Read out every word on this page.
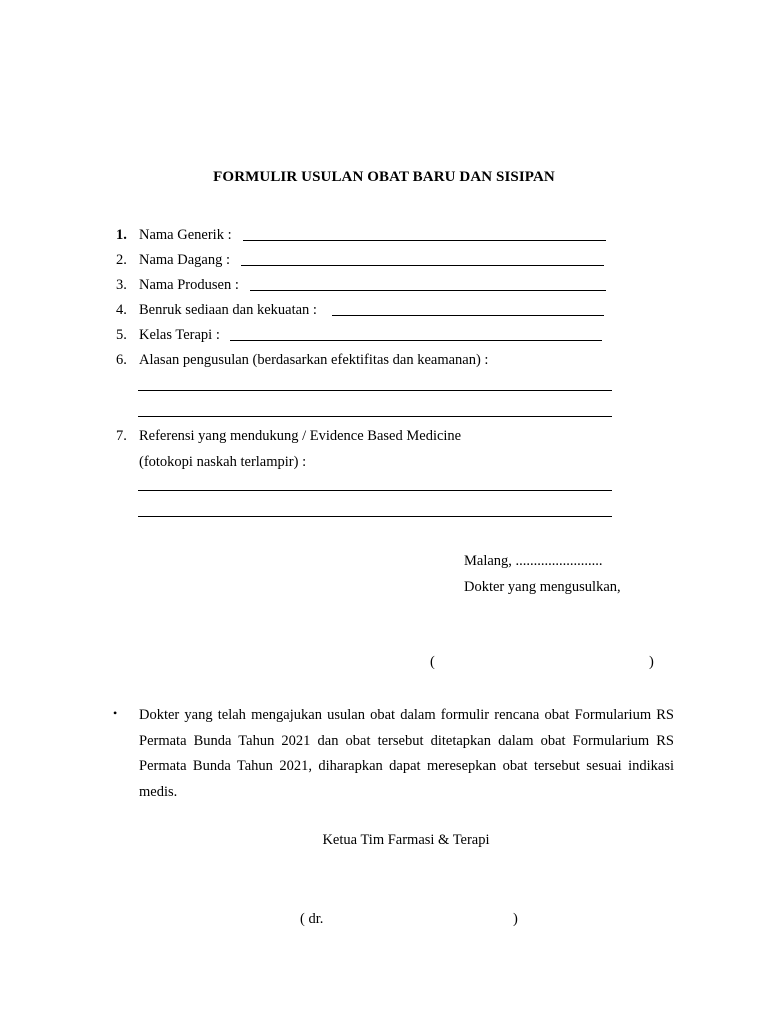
FORMULIR USULAN OBAT BARU DAN SISIPAN
1. Nama Generik :
2. Nama Dagang :
3. Nama Produsen :
4. Benruk sediaan dan kekuatan :
5. Kelas Terapi :
6. Alasan pengusulan (berdasarkan efektifitas dan keamanan) :
7. Referensi yang mendukung / Evidence Based Medicine
(fotokopi naskah terlampir) :
Malang, ........................
Dokter yang mengusulkan,
(	)
• Dokter yang telah mengajukan usulan obat dalam formulir rencana obat Formularium RS Permata Bunda Tahun 2021 dan obat tersebut ditetapkan dalam obat Formularium RS Permata Bunda Tahun 2021, diharapkan dapat meresepkan obat tersebut sesuai indikasi medis.
Ketua Tim Farmasi & Terapi
( dr.	)
